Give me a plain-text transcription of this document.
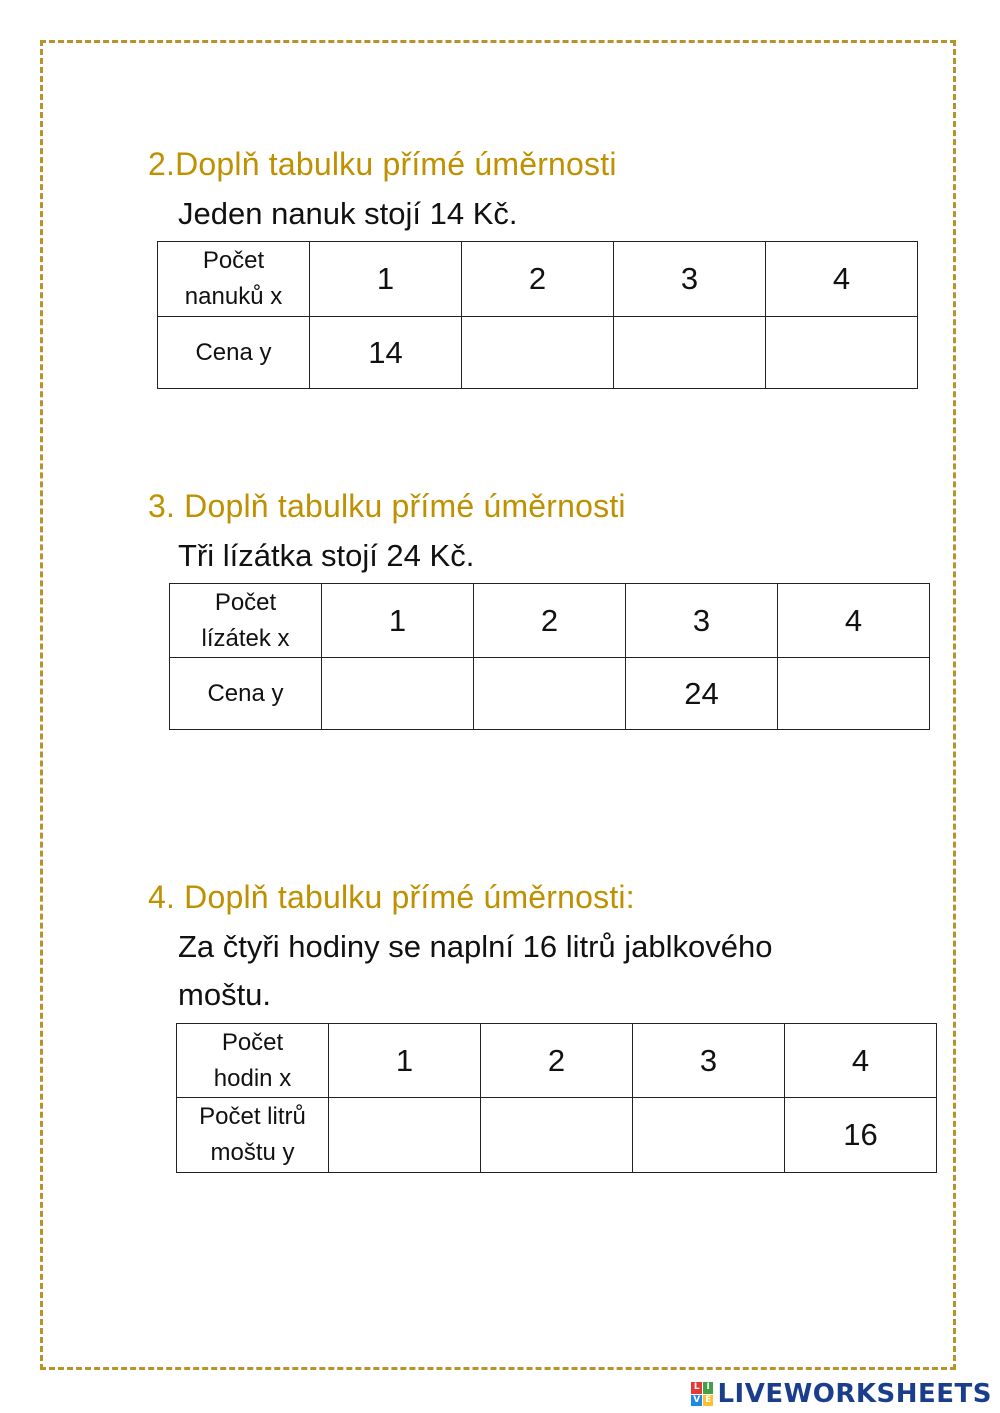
2.Doplň tabulku přímé úměrnosti
Jeden nanuk stojí 14 Kč.
Počet
nanuků x	1	2	3	4

Cena y	14			
3. Doplň tabulku přímé úměrnosti
Tři lízátka stojí 24 Kč.
Počet
lízátek x	1	2	3	4

Cena y			24	
4. Doplň tabulku přímé úměrnosti:
Za čtyři hodiny se naplní 16 litrů jablkového
moštu.
Počet
hodin x	1	2	3	4

Počet litrů
moštu y				16
L I
V E LIVEWORKSHEETS
